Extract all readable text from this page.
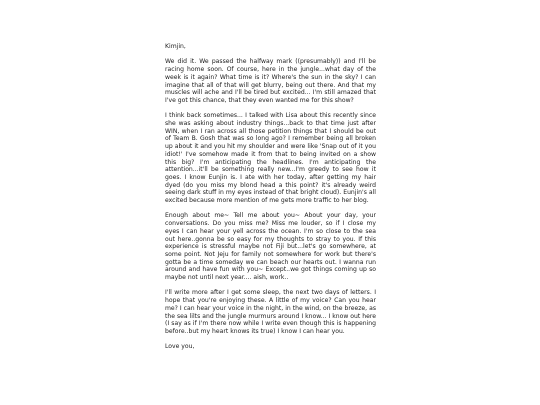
Kimjin,

We did it. We passed the halfway mark ((presumably)) and I'll be racing home soon. Of course, here in the jungle...what day of the week is it again? What time is it? Where's the sun in the sky? I can imagine that all of that will get blurry, being out there. And that my muscles will ache and I'll be tired but excited... I'm still amazed that I've got this chance, that they even wanted me for this show?

I think back sometimes... I talked with Lisa about this recently since she was asking about industry things...back to that time just after WIN, when I ran across all those petition things that I should be out of Team B. Gosh that was so long ago? I remember being all broken up about it and you hit my shoulder and were like 'Snap out of it you idiot!' I've somehow made it from that to being invited on a show this big? I'm anticipating the headlines. I'm anticipating the attention...it'll be something really new...I'm greedy to see how it goes. I know Eunjin is. I ate with her today, after getting my hair dyed (do you miss my blond head a this point? it's already weird seeing dark stuff in my eyes instead of that bright cloud). Eunjin's all excited because more mention of me gets more traffic to her blog.

Enough about me~ Tell me about you~ About your day, your conversations. Do you miss me? Miss me louder, so if I close my eyes I can hear your yell across the ocean. I'm so close to the sea out here..gonna be so easy for my thoughts to stray to you. If this experience is stressful maybe not Fiji but...let's go somewhere, at some point. Not Jeju for family not somewhere for work but there's gotta be a time someday we can beach our hearts out. I wanna run around and have fun with you~ Except..we got things coming up so maybe not until next year.... aish, work..

I'll write more after I get some sleep, the next two days of letters. I hope that you're enjoying these. A little of my voice? Can you hear me? I can hear your voice in the night, in the wind, on the breeze, as the sea lilts and the jungle murmurs around I know... I know out here (I say as if I'm there now while I write even though this is happening before..but my heart knows its true) I know I can hear you.

Love you,
